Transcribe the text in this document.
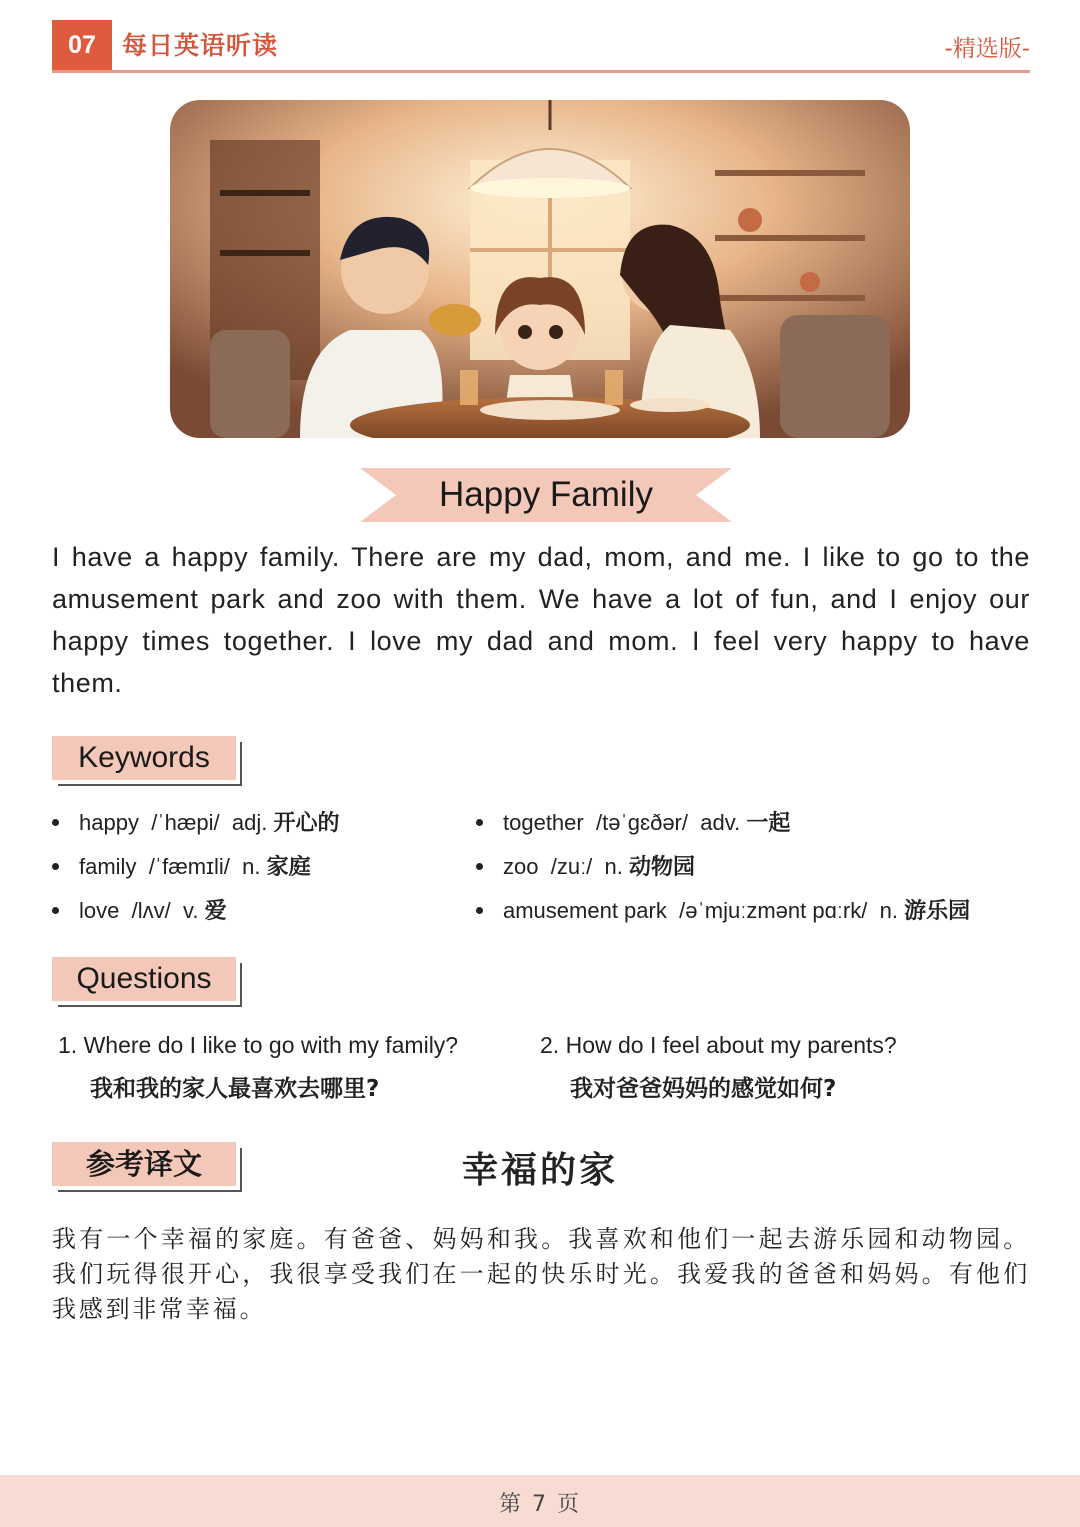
07	每日英语听读	-精选版-
Happy Family
I have a happy family. There are my dad, mom, and me. I like to go to the amusement park and zoo with them. We have a lot of fun, and I enjoy our happy times together. I love my dad and mom. I feel very happy to have them.
Keywords
happy /ˈhæpi/ adj. 开心的
family /ˈfæmɪli/ n. 家庭
love /lʌv/ v. 爱
together /təˈɡɛðər/ adv. 一起
zoo /zuː/ n. 动物园
amusement park /əˈmjuːzmənt pɑːrk/ n. 游乐园
Questions
1. Where do I like to go with my family?
我和我的家人最喜欢去哪里?
2. How do I feel about my parents?
我对爸爸妈妈的感觉如何?
参考译文	幸福的家
我有一个幸福的家庭。有爸爸、妈妈和我。我喜欢和他们一起去游乐园和动物园。我们玩得很开心，我很享受我们在一起的快乐时光。我爱我的爸爸和妈妈。有他们我感到非常幸福。
第 7 页
